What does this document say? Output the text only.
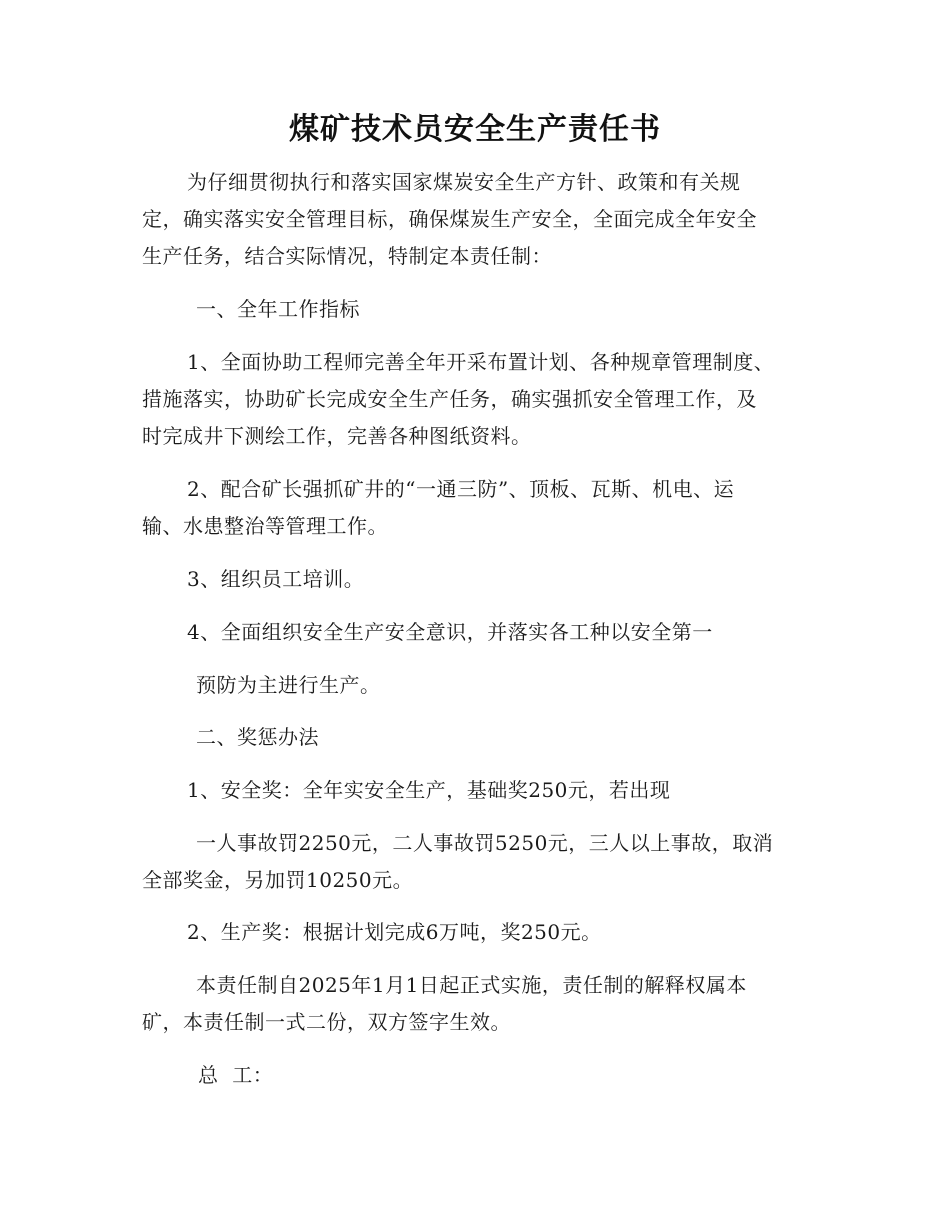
煤矿技术员安全生产责任书
为仔细贯彻执行和落实国家煤炭安全生产方针、政策和有关规
定，确实落实安全管理目标，确保煤炭生产安全，全面完成全年安全
生产任务，结合实际情况，特制定本责任制：
一、全年工作指标
1、全面协助工程师完善全年开采布置计划、各种规章管理制度、
措施落实，协助矿长完成安全生产任务，确实强抓安全管理工作，及
时完成井下测绘工作，完善各种图纸资料。
2、配合矿长强抓矿井的“一通三防”、顶板、瓦斯、机电、运
输、水患整治等管理工作。
3、组织员工培训。
4、全面组织安全生产安全意识，并落实各工种以安全第一
预防为主进行生产。
二、奖惩办法
1、安全奖：全年实安全生产，基础奖250元，若出现
一人事故罚2250元，二人事故罚5250元，三人以上事故，取消
全部奖金，另加罚10250元。
2、生产奖：根据计划完成6万吨，奖250元。
本责任制自2025年1月1日起正式实施，责任制的解释权属本
矿，本责任制一式二份，双方签字生效。
总  工：
